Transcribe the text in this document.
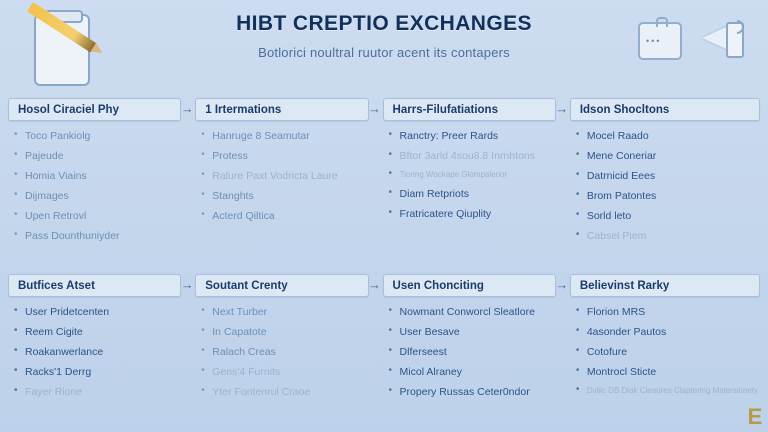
•••
HIBT CREPTIO EXCHANGES
Botlorici noultral ruutor acent its contapers
Hosol Ciraciel Phy	→
• Toco Pankiolg
• Pajeude
• Homia Viains
• Dijmages
• Upen Retrovl
• Pass Dounthuniyder
1 Irtermations	→
• Hanruge 8 Seamutar
• Protess
• Ralure Paxt Vodricta Laure
• Stanghts
• Acterd Qiltica
Harrs-Filufatiations	→
• Ranctry: Preer Rards
• Bftor 3arld 4sou8.8 Inrnhtons
• Tionng Wockape Glompalerior
• Diam Retpriots
• Fratricatere Qiuplity
Idson Shocltons
• Mocel Raado
• Mene Coneriar
• Datrnicid Eees
• Brom Patontes
• Sorld leto
• Cabsel Piem
Butfices Atset	→
• User Pridetcenten
• Reem Cigite
• Roakanwerlance
• Racks'1 Derrg
• Fayer Rione
Soutant Crenty	→
• Next Turber
• In Capatote
• Ralach Creas
• Gens'4 Furnits
• Yter Fontenrul Craoe
Usen Chonciting	→
• Nowmant Conworcl Sleatlore
• User Besave
• Dlferseest
• Micol Alraney
• Propery Russas Ceter0ndor
Believinst Rarky
• Florion MRS
• 4asonder Pautos
• Cotofure
• Montrocl Sticte
• Dviilc DB Diak Cieaores Clapterlng Mstersinnety
E
